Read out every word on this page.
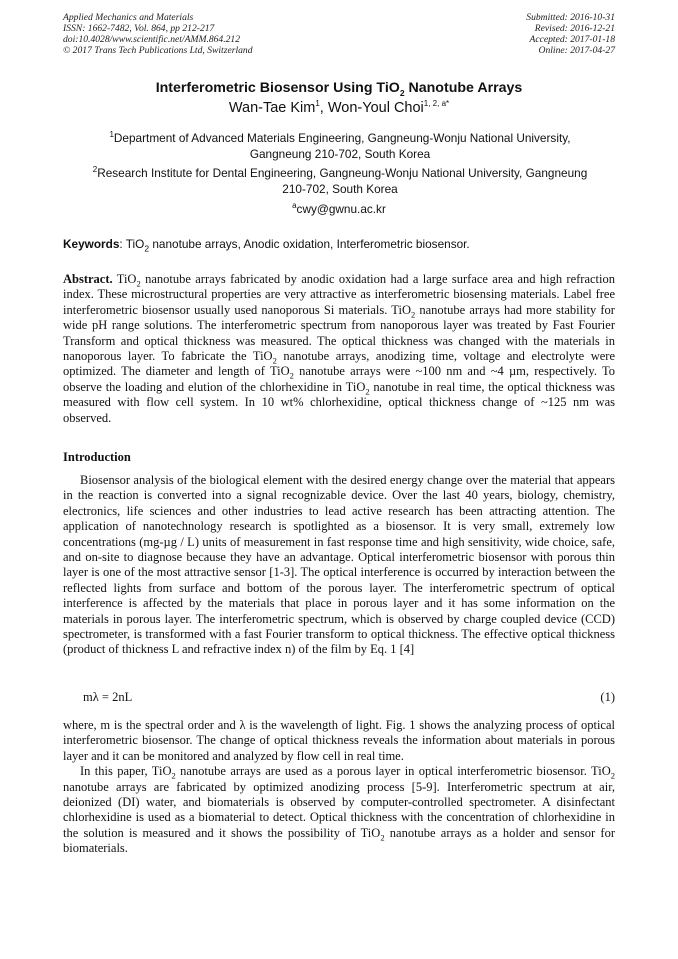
Applied Mechanics and Materials
ISSN: 1662-7482, Vol. 864, pp 212-217
doi:10.4028/www.scientific.net/AMM.864.212
© 2017 Trans Tech Publications Ltd, Switzerland
Submitted: 2016-10-31
Revised: 2016-12-21
Accepted: 2017-01-18
Online: 2017-04-27
Interferometric Biosensor Using TiO$_2$ Nanotube Arrays
Wan-Tae Kim$^1$, Won-Youl Choi$^{1, 2, a*}$
$^1$Department of Advanced Materials Engineering, Gangneung-Wonju National University, Gangneung 210-702, South Korea
$^2$Research Institute for Dental Engineering, Gangneung-Wonju National University, Gangneung 210-702, South Korea
$^a$cwy@gwnu.ac.kr
Keywords: TiO$_2$ nanotube arrays, Anodic oxidation, Interferometric biosensor.
Abstract. TiO$_2$ nanotube arrays fabricated by anodic oxidation had a large surface area and high refraction index. These microstructural properties are very attractive as interferometric biosensing materials. Label free interferometric biosensor usually used nanoporous Si materials. TiO$_2$ nanotube arrays had more stability for wide pH range solutions. The interferometric spectrum from nanoporous layer was treated by Fast Fourier Transform and optical thickness was measured. The optical thickness was changed with the materials in nanoporous layer. To fabricate the TiO$_2$ nanotube arrays, anodizing time, voltage and electrolyte were optimized. The diameter and length of TiO$_2$ nanotube arrays were ~100 nm and ~4 µm, respectively. To observe the loading and elution of the chlorhexidine in TiO$_2$ nanotube in real time, the optical thickness was measured with flow cell system. In 10 wt% chlorhexidine, optical thickness change of ~125 nm was observed.
Introduction

Biosensor analysis of the biological element with the desired energy change over the material that appears in the reaction is converted into a signal recognizable device. Over the last 40 years, biology, chemistry, electronics, life sciences and other industries to lead active research has been attracting attention. The application of nanotechnology research is spotlighted as a biosensor. It is very small, extremely low concentrations (mg-µg / L) units of measurement in fast response time and high sensitivity, wide choice, safe, and on-site to diagnose because they have an advantage. Optical interferometric biosensor with porous thin layer is one of the most attractive sensor [1-3]. The optical interference is occurred by interaction between the reflected lights from surface and bottom of the porous layer. The interferometric spectrum of optical interference is affected by the materials that place in porous layer and it has some information on the materials in porous layer. The interferometric spectrum, which is observed by charge coupled device (CCD) spectrometer, is transformed with a fast Fourier transform to optical thickness. The effective optical thickness (product of thickness L and refractive index n) of the film by Eq. 1 [4]

mλ = 2nL	(1)

where, m is the spectral order and λ is the wavelength of light. Fig. 1 shows the analyzing process of optical interferometric biosensor. The change of optical thickness reveals the information about materials in porous layer and it can be monitored and analyzed by flow cell in real time.

In this paper, TiO$_2$ nanotube arrays are used as a porous layer in optical interferometric biosensor. TiO$_2$ nanotube arrays are fabricated by optimized anodizing process [5-9]. Interferometric spectrum at air, deionized (DI) water, and biomaterials is observed by computer-controlled spectrometer. A disinfectant chlorhexidine is used as a biomaterial to detect. Optical thickness with the concentration of chlorhexidine in the solution is measured and it shows the possibility of TiO$_2$ nanotube arrays as a holder and sensor for biomaterials.
